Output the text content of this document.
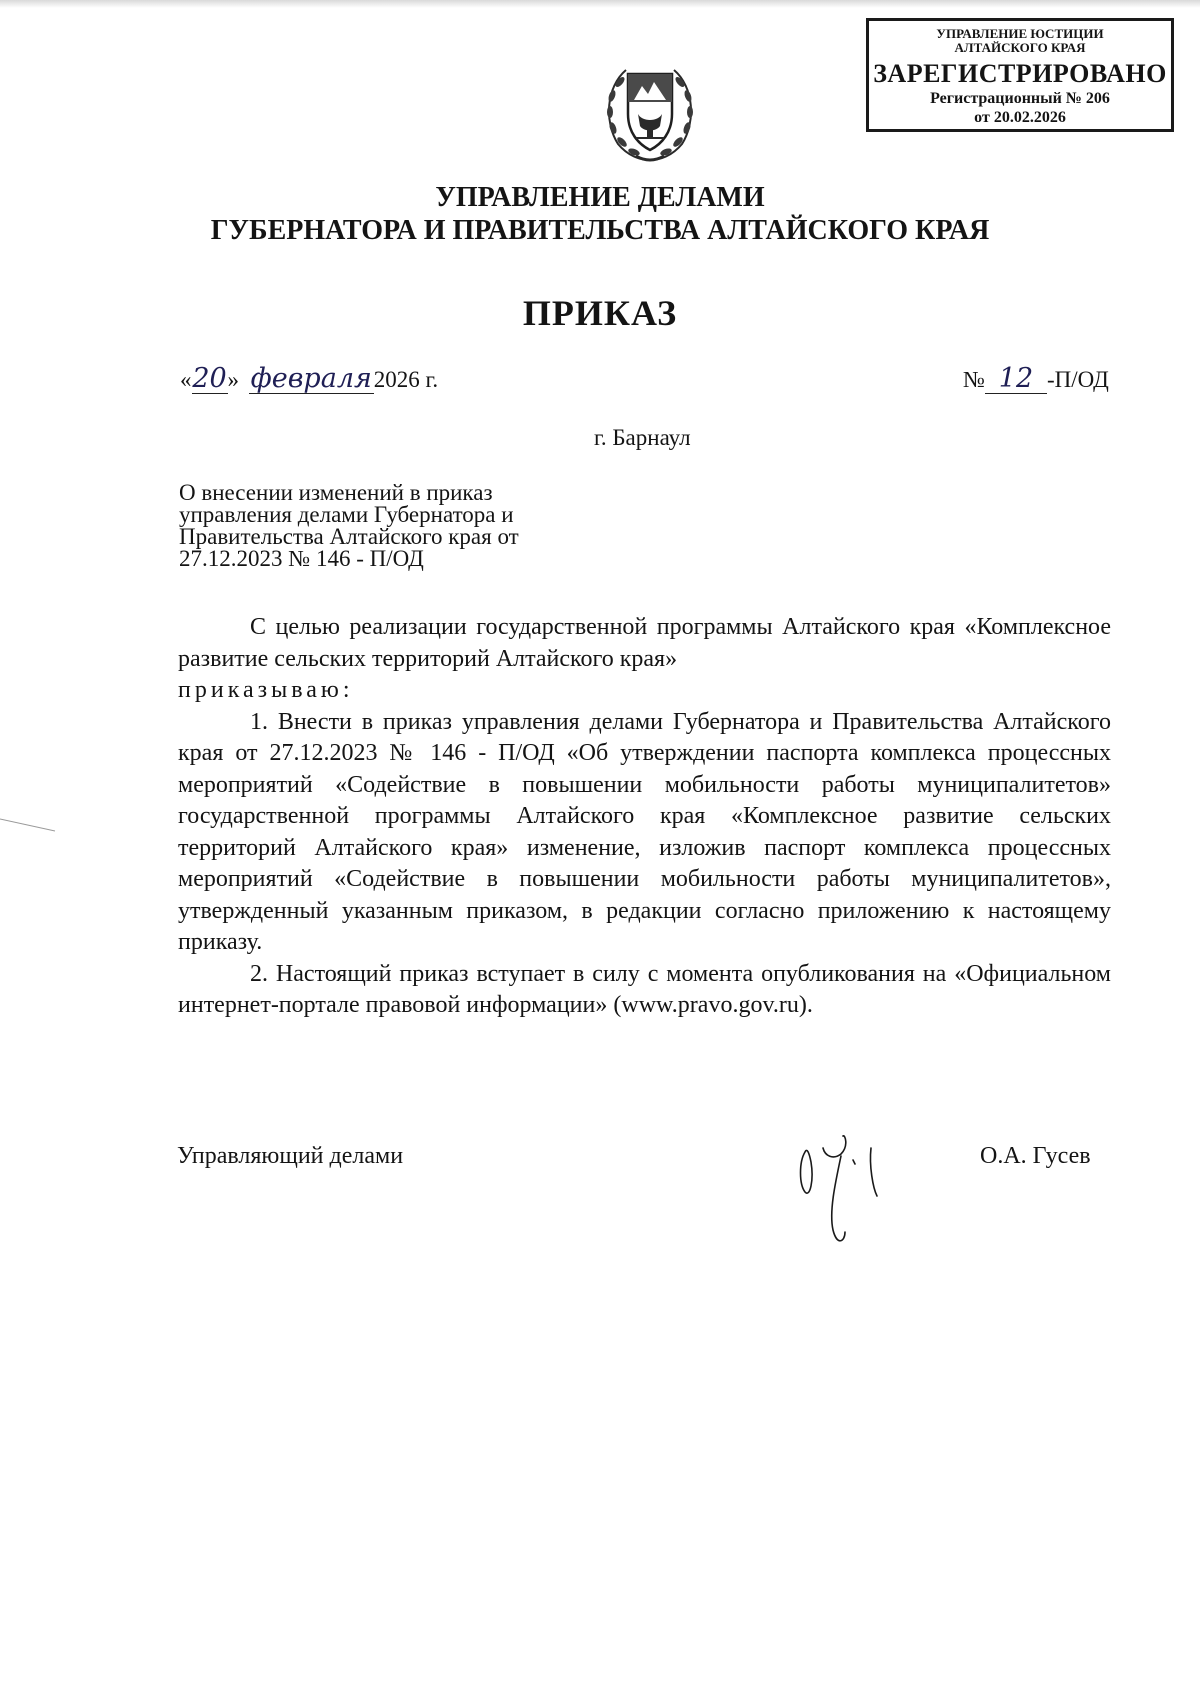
УПРАВЛЕНИЕ ЮСТИЦИИ
АЛТАЙСКОГО КРАЯ
ЗАРЕГИСТРИРОВАНО
Регистрационный № 206
от 20.02.2026
УПРАВЛЕНИЕ ДЕЛАМИ
ГУБЕРНАТОРА И ПРАВИТЕЛЬСТВА АЛТАЙСКОГО КРАЯ
ПРИКАЗ
«20» февраля2026 г.	№ 12 -П/ОД
г. Барнаул
О внесении изменений в приказ
управления делами Губернатора и
Правительства Алтайского края от
27.12.2023 № 146 - П/ОД

С целью реализации государственной программы Алтайского края «Комплексное развитие сельских территорий Алтайского края»

приказываю:

1. Внести в приказ управления делами Губернатора и Правительства Алтайского края от 27.12.2023 № 146 - П/ОД «Об утверждении паспорта комплекса процессных мероприятий «Содействие в повышении мобильности работы муниципалитетов» государственной программы Алтайского края «Комплексное развитие сельских территорий Алтайского края» изменение, изложив паспорт комплекса процессных мероприятий «Содействие в повышении мобильности работы муниципалитетов», утвержденный указанным приказом, в редакции согласно приложению к настоящему приказу.

2. Настоящий приказ вступает в силу с момента опубликования на «Официальном интернет-портале правовой информации» (www.pravo.gov.ru).

Управляющий делами	О.А. Гусев
